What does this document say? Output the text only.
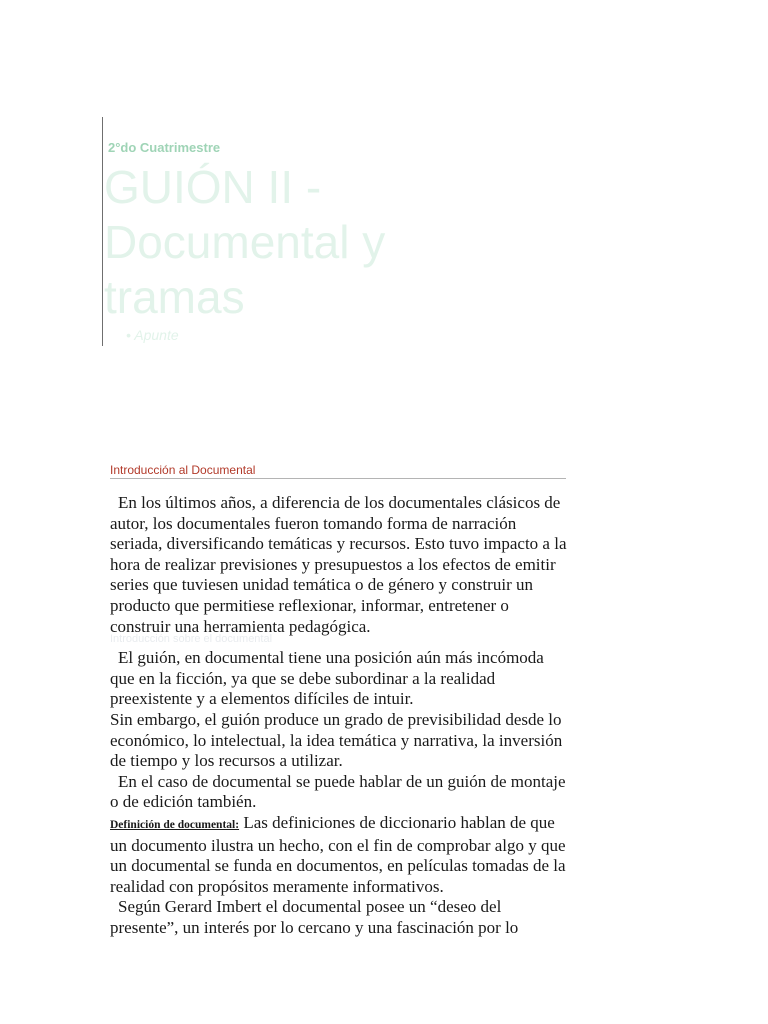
2°do Cuatrimestre

GUIÓN II -
Documental y
tramas

• Apunte

Introducción al Documental
Introducción sobre el documental

En los últimos años, a diferencia de los documentales clásicos de autor, los documentales fueron tomando forma de narración seriada, diversificando temáticas y recursos. Esto tuvo impacto a la hora de realizar previsiones y presupuestos a los efectos de emitir series que tuviesen unidad temática o de género y construir un producto que permitiese reflexionar, informar, entretener o construir una herramienta pedagógica.

El guión, en documental tiene una posición aún más incómoda que en la ficción, ya que se debe subordinar a la realidad preexistente y a elementos difíciles de intuir.

Sin embargo, el guión produce un grado de previsibilidad desde lo económico, lo intelectual, la idea temática y narrativa, la inversión de tiempo y los recursos a utilizar.

En el caso de documental se puede hablar de un guión de montaje o de edición también.

Definición de documental: Las definiciones de diccionario hablan de que un documento ilustra un hecho, con el fin de comprobar algo y que un documental se funda en documentos, en películas tomadas de la realidad con propósitos meramente informativos.

Según Gerard Imbert el documental posee un “deseo del presente”, un interés por lo cercano y una fascinación por lo
